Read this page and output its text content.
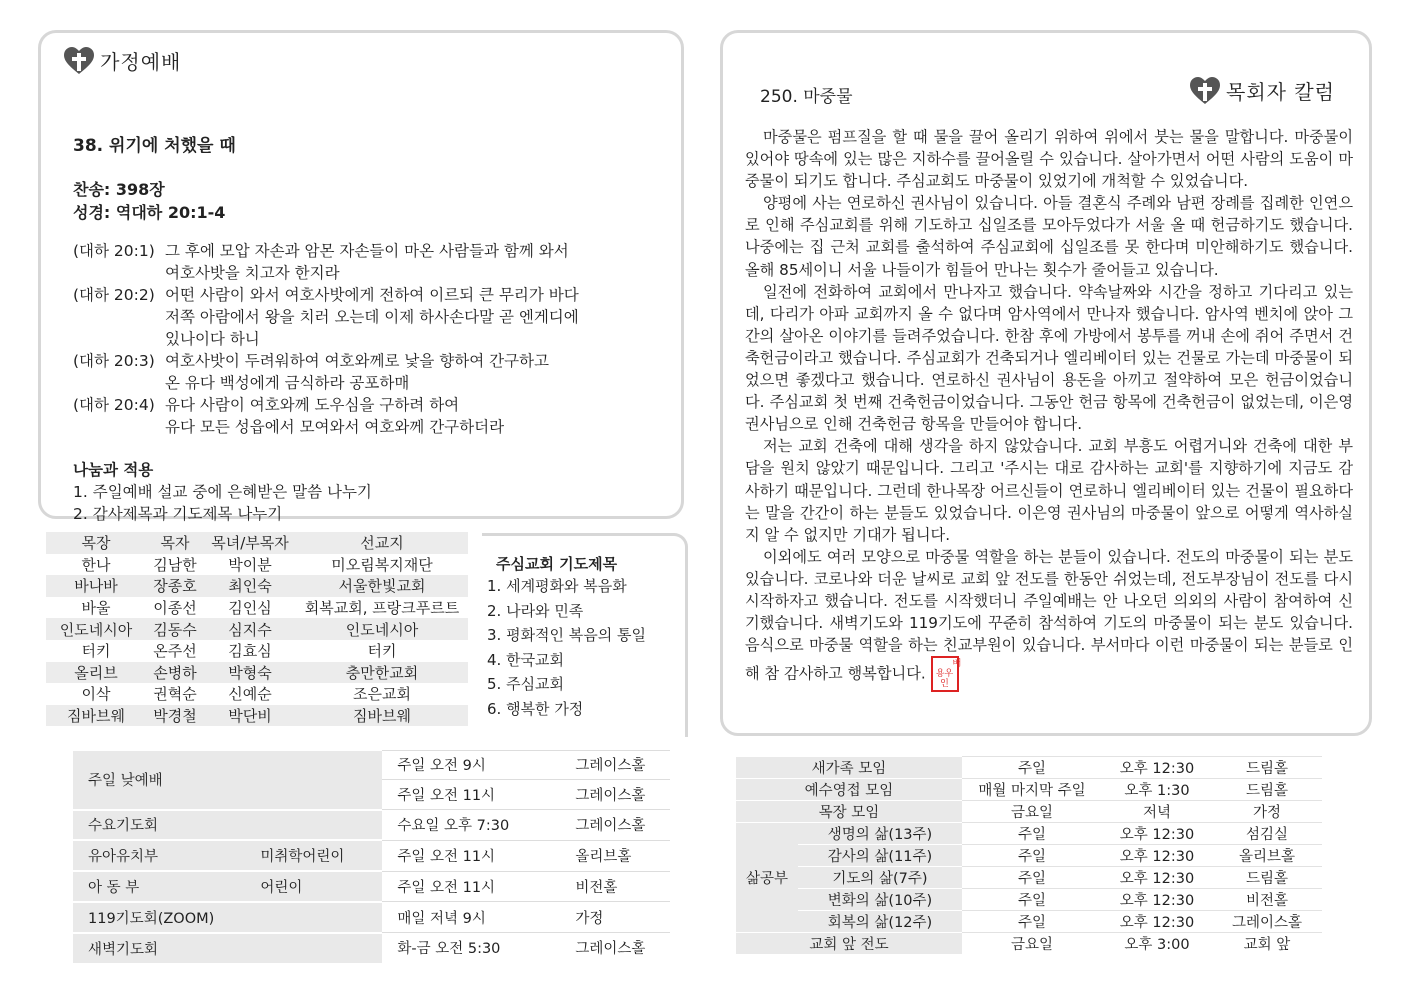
가정예배
38. 위기에 처했을 때
찬송: 398장
성경: 역대하 20:1-4
(대하 20:1) 그 후에 모압 자손과 암몬 자손들이 마온 사람들과 함께 와서
여호사밧을 치고자 한지라
(대하 20:2) 어떤 사람이 와서 여호사밧에게 전하여 이르되 큰 무리가 바다
저쪽 아람에서 왕을 치러 오는데 이제 하사손다말 곧 엔게디에
있나이다 하니
(대하 20:3) 여호사밧이 두려워하여 여호와께로 낯을 향하여 간구하고
온 유다 백성에게 금식하라 공포하매
(대하 20:4) 유다 사람이 여호와께 도우심을 구하려 하여
유다 모든 성읍에서 모여와서 여호와께 간구하더라
나눔과 적용
1. 주일예배 설교 중에 은혜받은 말씀 나누기
2. 감사제목과 기도제목 나누기
250. 마중물	목회자 칼럼

마중물은 펌프질을 할 때 물을 끌어 올리기 위하여 위에서 붓는 물을 말합니다. 마중물이 있어야 땅속에 있는 많은 지하수를 끌어올릴 수 있습니다. 살아가면서 어떤 사람의 도움이 마중물이 되기도 합니다. 주심교회도 마중물이 있었기에 개척할 수 있었습니다.

양평에 사는 연로하신 권사님이 있습니다. 아들 결혼식 주례와 남편 장례를 집례한 인연으로 인해 주심교회를 위해 기도하고 십일조를 모아두었다가 서울 올 때 헌금하기도 했습니다. 나중에는 집 근처 교회를 출석하여 주심교회에 십일조를 못 한다며 미안해하기도 했습니다. 올해 85세이니 서울 나들이가 힘들어 만나는 횟수가 줄어들고 있습니다.

일전에 전화하여 교회에서 만나자고 했습니다. 약속날짜와 시간을 정하고 기다리고 있는데, 다리가 아파 교회까지 올 수 없다며 암사역에서 만나자 했습니다. 암사역 벤치에 앉아 그간의 살아온 이야기를 들려주었습니다. 한참 후에 가방에서 봉투를 꺼내 손에 쥐어 주면서 건축헌금이라고 했습니다. 주심교회가 건축되거나 엘리베이터 있는 건물로 가는데 마중물이 되었으면 좋겠다고 했습니다. 연로하신 권사님이 용돈을 아끼고 절약하여 모은 헌금이었습니다. 주심교회 첫 번째 건축헌금이었습니다. 그동안 헌금 항목에 건축헌금이 없었는데, 이은영 권사님으로 인해 건축헌금 항목을 만들어야 합니다.

저는 교회 건축에 대해 생각을 하지 않았습니다. 교회 부흥도 어렵거니와 건축에 대한 부담을 원치 않았기 때문입니다. 그리고 '주시는 대로 감사하는 교회'를 지향하기에 지금도 감사하기 때문입니다. 그런데 한나목장 어르신들이 연로하니 엘리베이터 있는 건물이 필요하다는 말을 간간이 하는 분들도 있었습니다. 이은영 권사님의 마중물이 앞으로 어떻게 역사하실지 알 수 없지만 기대가 됩니다.

이외에도 여러 모양으로 마중물 역할을 하는 분들이 있습니다. 전도의 마중물이 되는 분도 있습니다. 코로나와 더운 날씨로 교회 앞 전도를 한동안 쉬었는데, 전도부장님이 전도를 다시 시작하자고 했습니다. 전도를 시작했더니 주일예배는 안 나오던 의외의 사람이 참여하여 신기했습니다. 새벽기도와 119기도에 꾸준히 참석하여 기도의 마중물이 되는 분도 있습니다. 음식으로 마중물 역할을 하는 친교부원이 있습니다. 부서마다 이런 마중물이 되는 분들로 인해 참 감사하고 행복합니다. 배용우인

목장	목자	목녀/부목자	선교지
한나	김남한	박이분	미오림복지재단
바나바	장종호	최인숙	서울한빛교회
바울	이종선	김인심	회복교회, 프랑크푸르트
인도네시아	김동수	심지수	인도네시아
터키	온주선	김효심	터키
올리브	손병하	박형숙	충만한교회
이삭	권혁순	신예순	조은교회
짐바브웨	박경철	박단비	짐바브웨
주심교회 기도제목
1. 세계평화와 복음화
2. 나라와 민족
3. 평화적인 복음의 통일
4. 한국교회
5. 주심교회
6. 행복한 가정
주일 낮예배		주일 오전 9시	그레이스홀
		주일 오전 11시	그레이스홀
수요기도회		수요일 오후 7:30	그레이스홀
유아유치부	미취학어린이	주일 오전 11시	올리브홀
아 동 부	어린이	주일 오전 11시	비전홀
119기도회(ZOOM)		매일 저녁 9시	가정
새벽기도회		화-금 오전 5:30	그레이스홀
새가족 모임		주일	오후 12:30	드림홀
예수영접 모임		매월 마지막 주일	오후 1:30	드림홀
목장 모임		금요일	저녁	가정
삶공부	생명의 삶(13주)	주일	오후 12:30	섬김실
	감사의 삶(11주)	주일	오후 12:30	올리브홀
	기도의 삶(7주)	주일	오후 12:30	드림홀
	변화의 삶(10주)	주일	오후 12:30	비전홀
	회복의 삶(12주)	주일	오후 12:30	그레이스홀
교회 앞 전도		금요일	오후 3:00	교회 앞
